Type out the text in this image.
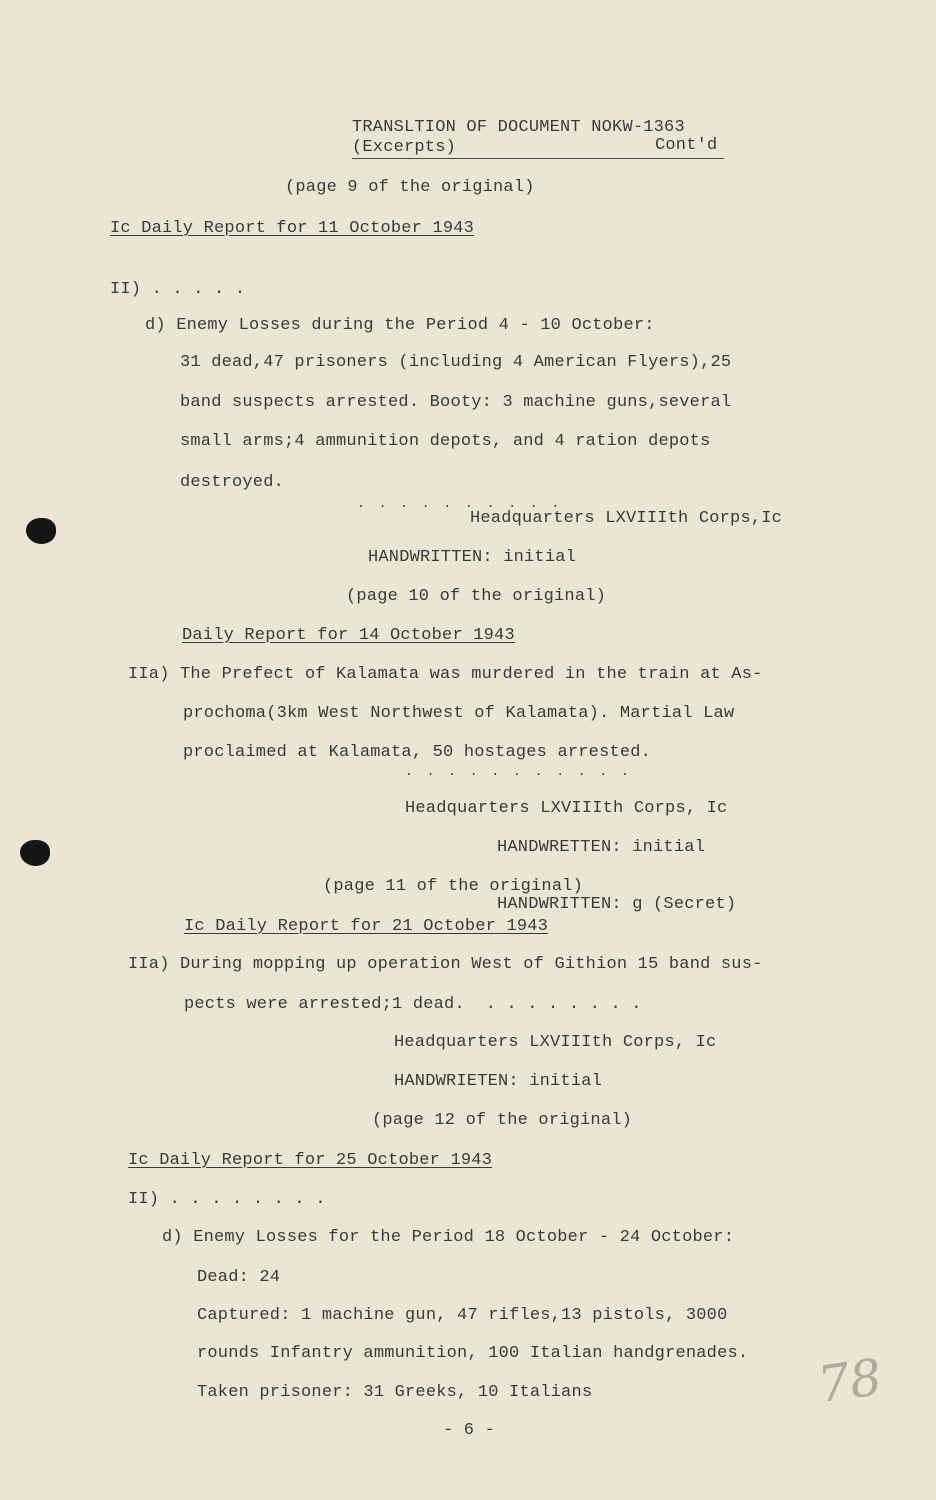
TRANSLTION OF DOCUMENT NOKW-1363
(Excerpts)	Cont'd
(page 9 of the original)
Ic Daily Report for 11 October 1943
II) . . . . .
d) Enemy Losses during the Period 4 - 10 October:
31 dead,47 prisoners (including 4 American Flyers),25
band suspects arrested. Booty: 3 machine guns,several
small arms;4 ammunition depots, and 4 ration depots
destroyed.
. . . . . . . . . .
Headquarters LXVIIIth Corps,Ic
HANDWRITTEN: initial
(page 10 of the original)
Daily Report for 14 October 1943
IIa) The Prefect of Kalamata was murdered in the train at As-
prochoma(3km West Northwest of Kalamata). Martial Law
proclaimed at Kalamata, 50 hostages arrested.
. . . . . . . . . . .
Headquarters LXVIIIth Corps, Ic
HANDWRETTEN: initial
(page 11 of the original)
HANDWRITTEN: g (Secret)
Ic Daily Report for 21 October 1943
IIa) During mopping up operation West of Githion 15 band sus-
pects were arrested;1 dead.  . . . . . . . .
Headquarters LXVIIIth Corps, Ic
HANDWRIETEN: initial
(page 12 of the original)
Ic Daily Report for 25 October 1943
II) . . . . . . . .
d) Enemy Losses for the Period 18 October - 24 October:
Dead: 24
Captured: 1 machine gun, 47 rifles,13 pistols, 3000
rounds Infantry ammunition, 100 Italian handgrenades.
Taken prisoner: 31 Greeks, 10 Italians
- 6 -
78
